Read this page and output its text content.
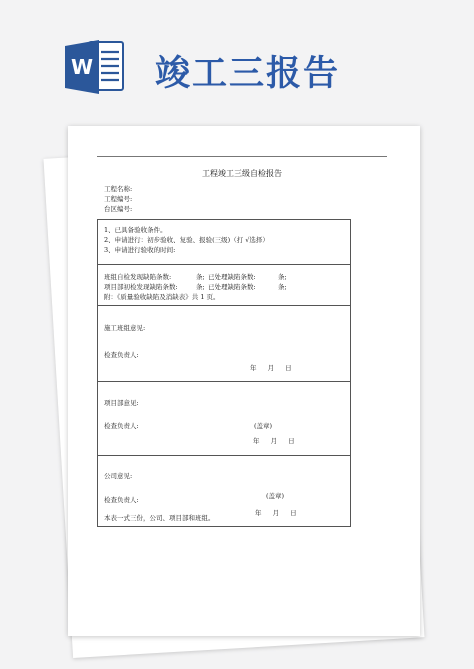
W 竣工三报告
工程竣工三级自检报告
工程名称:
工程编号:
台区编号:
1、已具备验收条件。
2、申请进行：初步验收、复验、报验(三级)（打 √选择）
3、申请进行验收的时间:
班组自检发现缺陷条数:
项目部初检发现缺陷条数:
附：《质量验收缺陷及消缺表》共 1 页。
条;
条;
已处理缺陷条数:
已处理缺陷条数:
条;
条;
施工班组意见:
检查负责人:
年 月 日
项目部意见:
检查负责人:	(盖章)
年 月 日
公司意见:
检查负责人:	(盖章)
年 月 日
本表一式三份，公司、项目部和班组。
